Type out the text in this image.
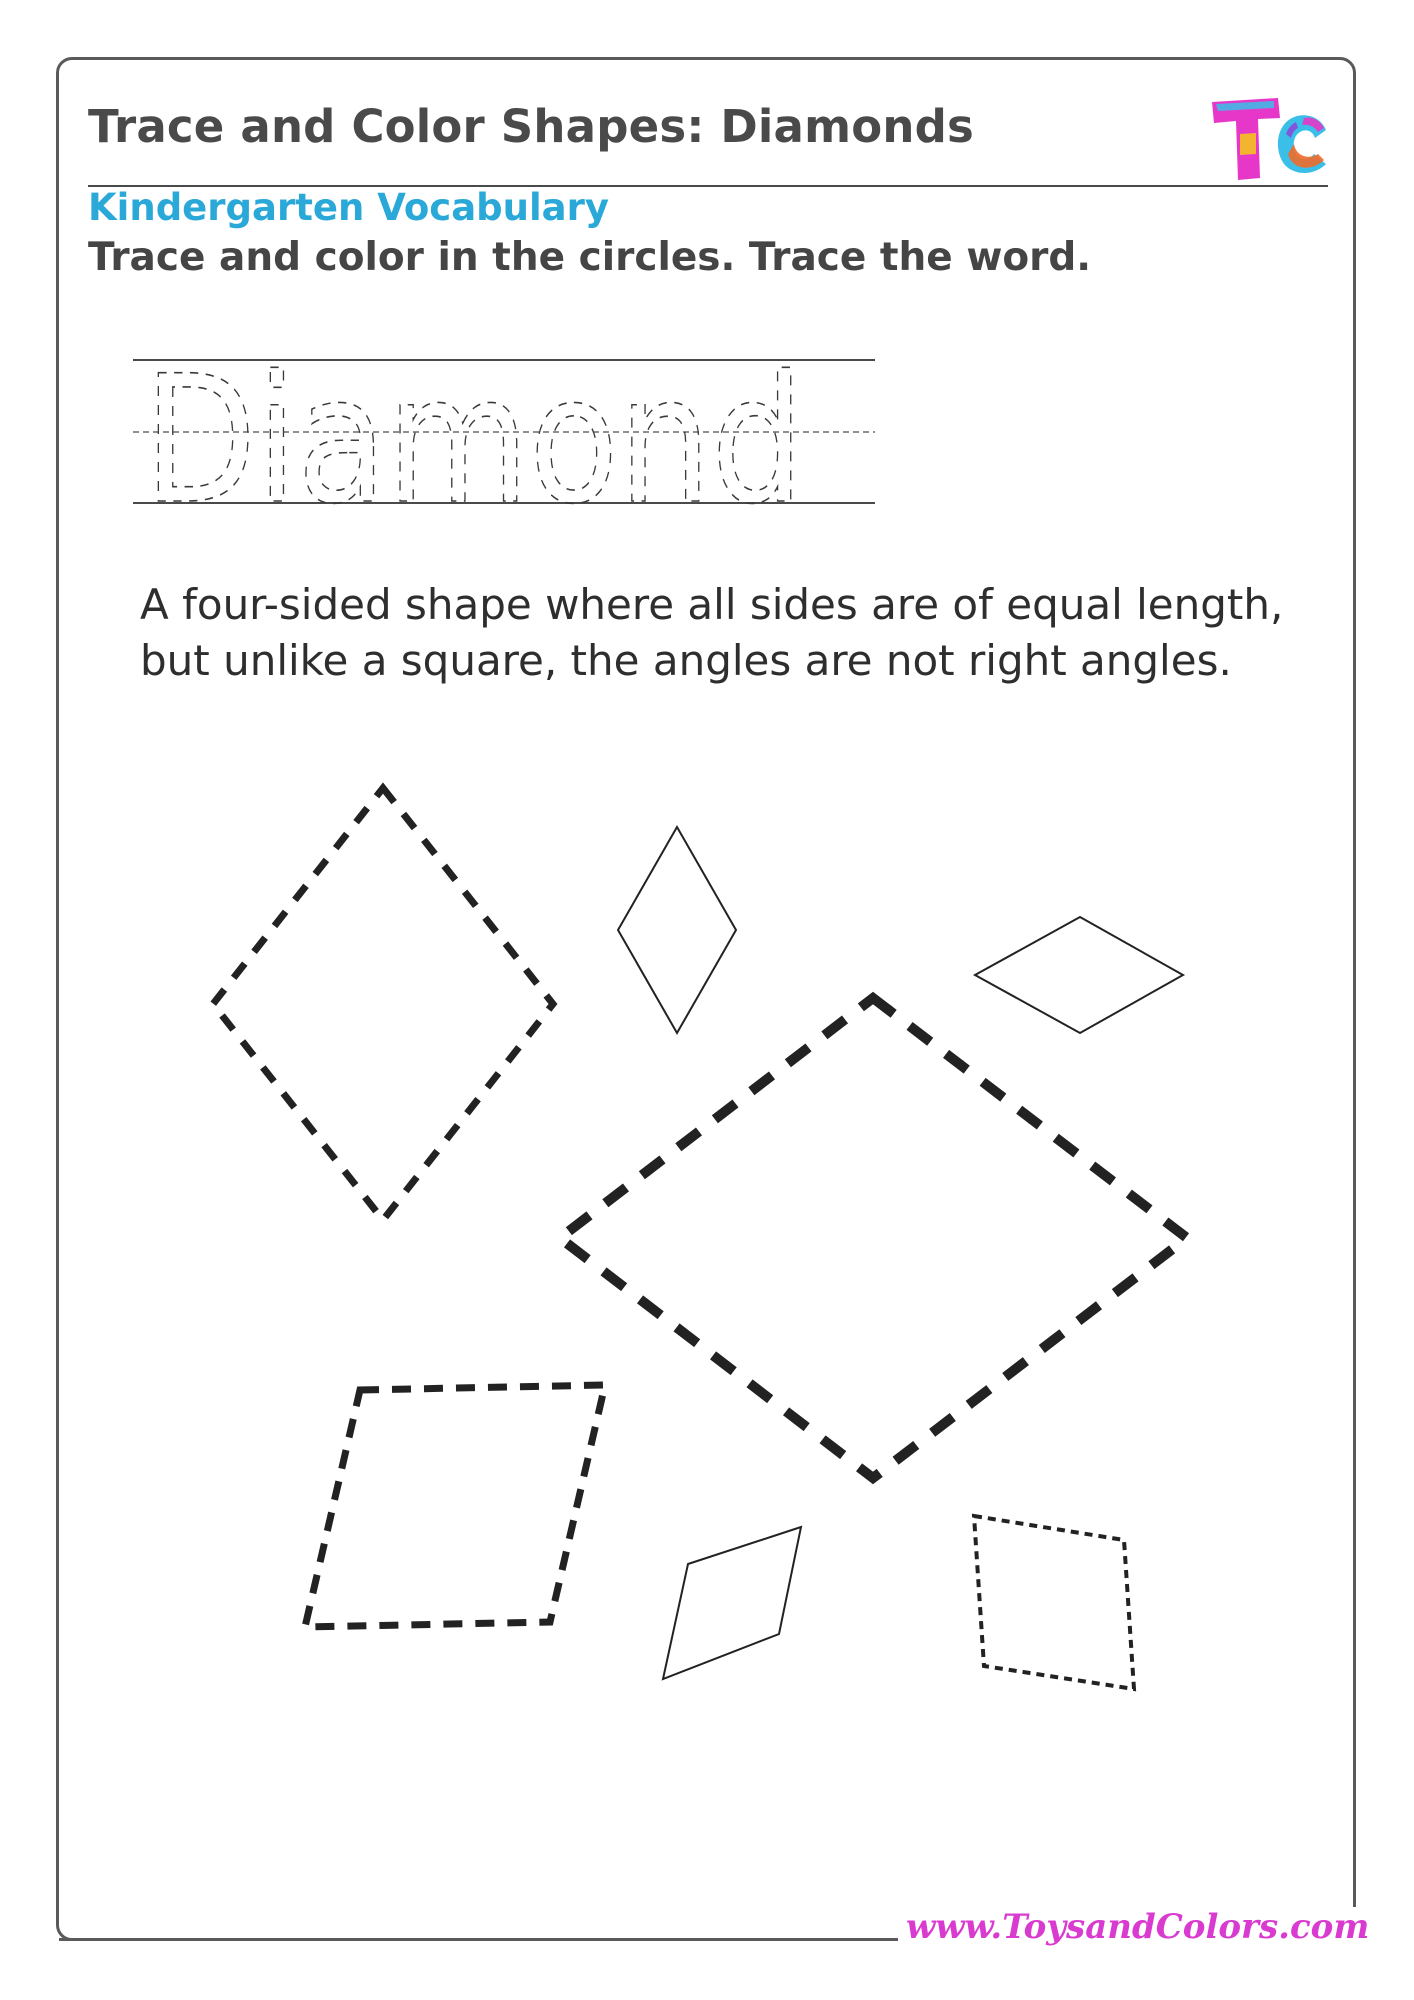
Trace and Color Shapes: Diamonds
Kindergarten Vocabulary
Trace and color in the circles. Trace the word.
Diamond
A four-sided shape where all sides are of equal length,
but unlike a square, the angles are not right angles.
www.ToysandColors.com
